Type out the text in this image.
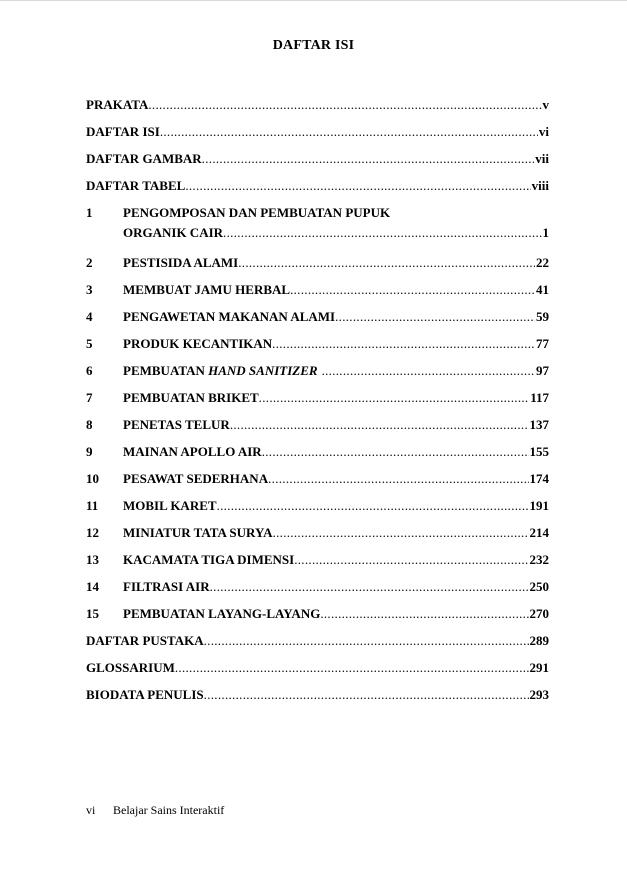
DAFTAR ISI
PRAKATA .....	v
DAFTAR ISI .....	vi
DAFTAR GAMBAR .....	vii
DAFTAR TABEL .....	viii
1 PENGOMPOSAN DAN PEMBUATAN PUPUK
ORGANIK CAIR .....	1
2 PESTISIDA ALAMI .....	22
3 MEMBUAT JAMU HERBAL .....	41
4 PENGAWETAN MAKANAN ALAMI .....	59
5 PRODUK KECANTIKAN .....	77
6 PEMBUATAN HAND SANITIZER .....	97
7 PEMBUATAN BRIKET .....	117
8 PENETAS TELUR .....	137
9 MAINAN APOLLO AIR .....	155
10 PESAWAT SEDERHANA .....	174
11 MOBIL KARET .....	191
12 MINIATUR TATA SURYA .....	214
13 KACAMATA TIGA DIMENSI .....	232
14 FILTRASI AIR .....	250
15 PEMBUATAN LAYANG-LAYANG .....	270
DAFTAR PUSTAKA .....	289
GLOSSARIUM .....	291
BIODATA PENULIS .....	293
vi Belajar Sains Interaktif
